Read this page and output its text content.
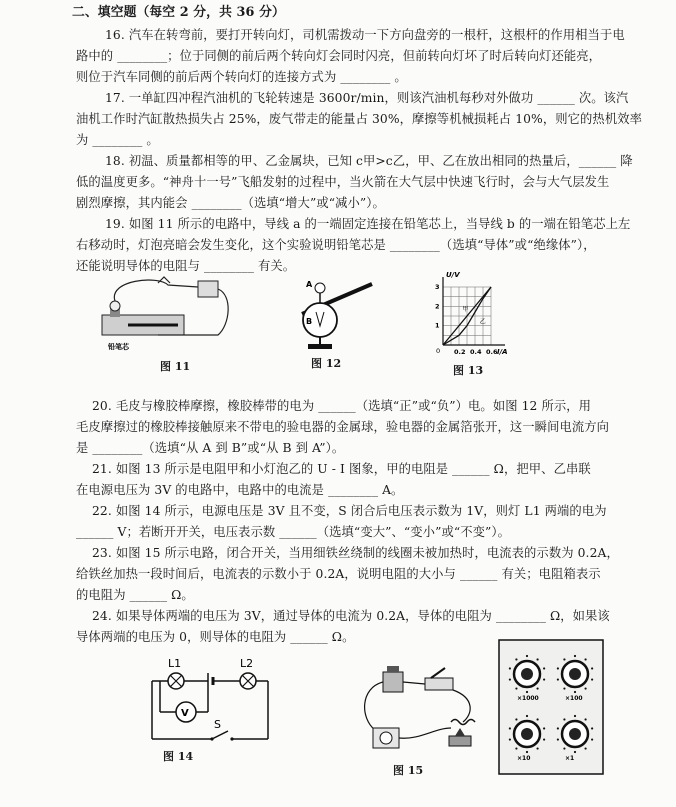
二、填空题（每空 2 分，共 36 分）
16. 汽车在转弯前，要打开转向灯，司机需拨动一下方向盘旁的一根杆，这根杆的作用相当于电
路中的 ________；位于同侧的前后两个转向灯会同时闪亮，但前转向灯坏了时后转向灯还能亮，
则位于汽车同侧的前后两个转向灯的连接方式为 ________ 。
17. 一单缸四冲程汽油机的飞轮转速是 3600r/min，则该汽油机每秒对外做功 ______ 次。该汽
油机工作时汽缸散热损失占 25%，废气带走的能量占 30%，摩擦等机械损耗占 10%，则它的热机效率
为 ________ 。
18. 初温、质量都相等的甲、乙金属块，已知 c甲>c乙，甲、乙在放出相同的热量后，______ 降
低的温度更多。“神舟十一号”飞船发射的过程中，当火箭在大气层中快速飞行时，会与大气层发生
剧烈摩擦，其内能会 ________（选填“增大”或“减小”）。
19. 如图 11 所示的电路中，导线 a 的一端固定连接在铅笔芯上，当导线 b 的一端在铅笔芯上左
右移动时，灯泡亮暗会发生变化，这个实验说明铅笔芯是 ________（选填“导体”或“绝缘体”），
还能说明导体的电阻与 ________ 有关。
铅笔芯
图 11
A
B
图 12
0.2 0.4 0.6
1
2
3
0
甲
乙
U/V
I/A
图 13
20. 毛皮与橡胶棒摩擦，橡胶棒带的电为 ______（选填“正”或“负”）电。如图 12 所示，用
毛皮摩擦过的橡胶棒接触原来不带电的验电器的金属球，验电器的金属箔张开，这一瞬间电流方向
是 ________（选填“从 A 到 B”或“从 B 到 A”）。
21. 如图 13 所示是电阻甲和小灯泡乙的 U - I 图象，甲的电阻是 ______ Ω，把甲、乙串联
在电源电压为 3V 的电路中，电路中的电流是 ________ A。
22. 如图 14 所示，电源电压是 3V 且不变，S 闭合后电压表示数为 1V，则灯 L1 两端的电为
______ V；若断开开关，电压表示数 ______（选填“变大”、“变小”或“不变”）。
23. 如图 15 所示电路，闭合开关，当用细铁丝绕制的线圈未被加热时，电流表的示数为 0.2A，
给铁丝加热一段时间后，电流表的示数小于 0.2A，说明电阻的大小与 ______ 有关；电阻箱表示
的电阻为 ______ Ω。
24. 如果导体两端的电压为 3V，通过导体的电流为 0.2A，导体的电阻为 ________ Ω，如果该
导体两端的电压为 0，则导体的电阻为 ______ Ω。
L1	L2
V
S
图 14
图 15
×1000	×100
×10	×1
